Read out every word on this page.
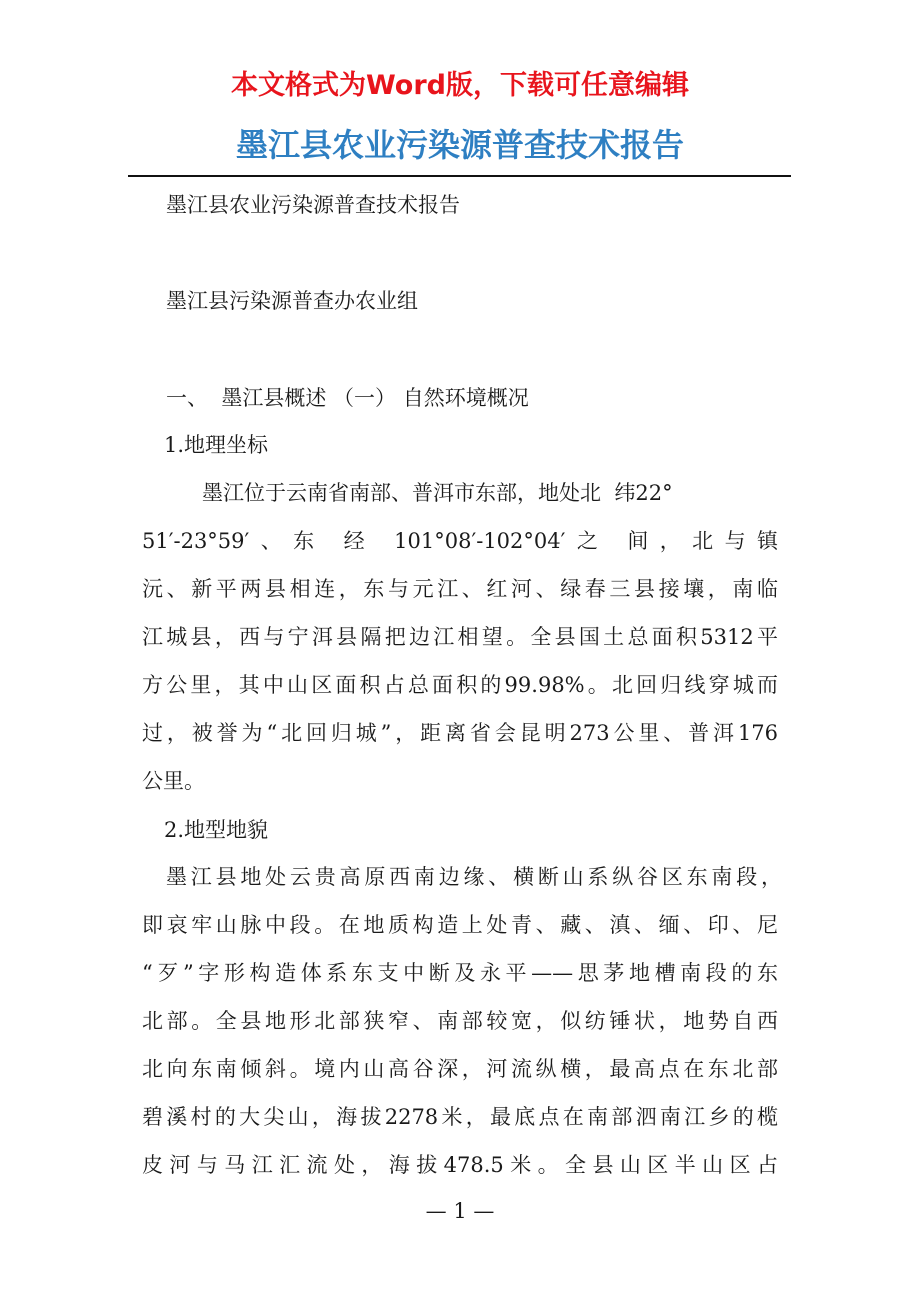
本文格式为Word版，下载可任意编辑
墨江县农业污染源普查技术报告
墨江县农业污染源普查技术报告
墨江县污染源普查办农业组
一、  墨江县概述 （一） 自然环境概况
1.地理坐标
墨江位于云南省南部、普洱市东部，地处北  纬22°
51′-23°59′、东 经 101°08′-102°04′之 间，北与镇
沅、新平两县相连，东与元江、红河、绿春三县接壤，南临
江城县，西与宁洱县隔把边江相望。全县国土总面积5312平
方公里，其中山区面积占总面积的99.98%。北回归线穿城而
过，被誉为“北回归城”，距离省会昆明273公里、普洱176
公里。
2.地型地貌
墨江县地处云贵高原西南边缘、横断山系纵谷区东南段，
即哀牢山脉中段。在地质构造上处青、藏、滇、缅、印、尼
“歹”字形构造体系东支中断及永平——思茅地槽南段的东
北部。全县地形北部狭窄、南部较宽，似纺锤状，地势自西
北向东南倾斜。境内山高谷深，河流纵横，最高点在东北部
碧溪村的大尖山，海拔2278米，最底点在南部泗南江乡的榄
皮河与马江汇流处，海拔478.5米。全县山区半山区占
— 1 —
